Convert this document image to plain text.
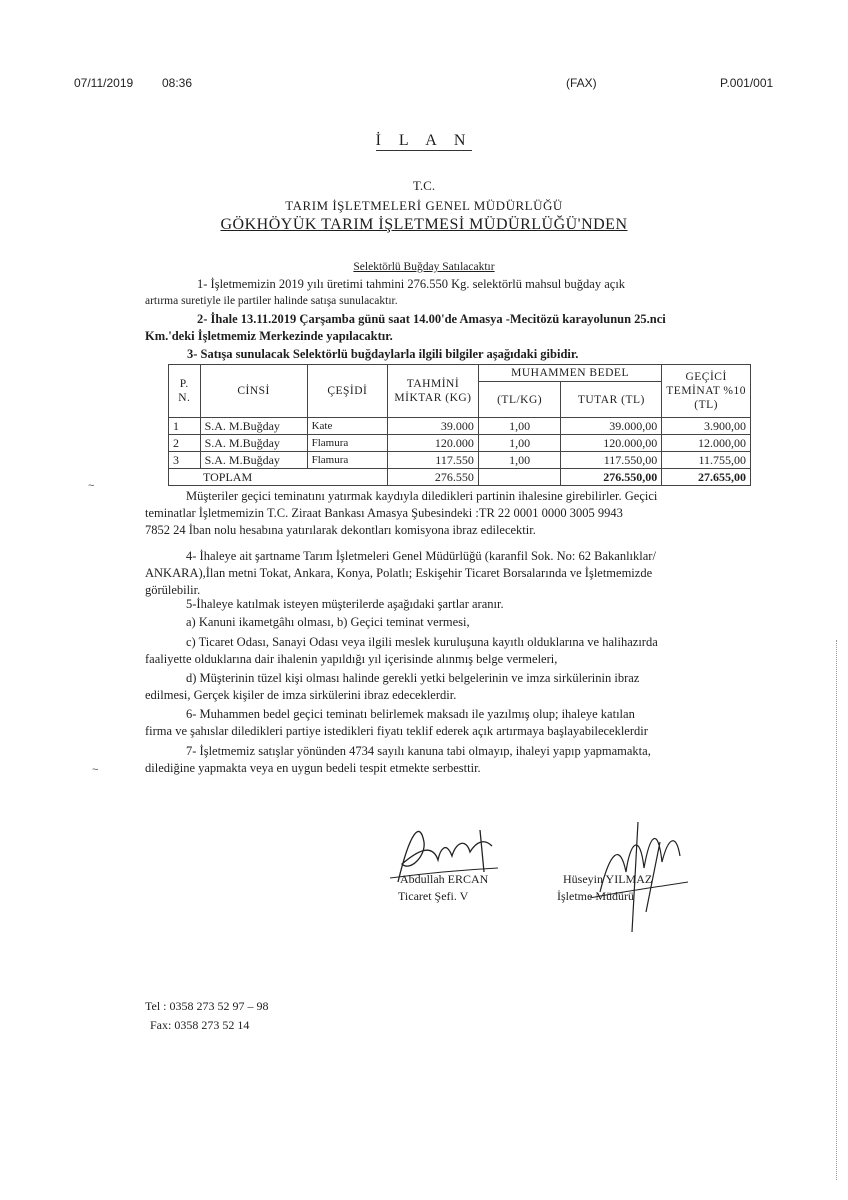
07/11/2019 08:36	(FAX)	P.001/001
~
~
İ L A N
T.C.
TARIM İŞLETMELERİ GENEL MÜDÜRLÜĞÜ
GÖKHÖYÜK TARIM İŞLETMESİ MÜDÜRLÜĞÜ'NDEN
Selektörlü Buğday Satılacaktır
1- İşletmemizin 2019 yılı üretimi tahmini 276.550 Kg. selektörlü mahsul buğday açık
artırma suretiyle ile partiler halinde satışa sunulacaktır.
2- İhale 13.11.2019 Çarşamba günü saat 14.00'de Amasya -Mecitözü karayolunun 25.nci
Km.'deki İşletmemiz Merkezinde yapılacaktır.
3- Satışa sunulacak Selektörlü buğdaylarla ilgili bilgiler aşağıdaki gibidir.
P. N.	CİNSİ	ÇEŞİDİ	TAHMİNİ MİKTAR (KG)	MUHAMMEN BEDEL		GEÇİCİ TEMİNAT %10 (TL)
				(TL/KG)	TUTAR (TL)	
1	S.A. M.Buğday	Kate	39.000	1,00	39.000,00	3.900,00
2	S.A. M.Buğday	Flamura	120.000	1,00	120.000,00	12.000,00
3	S.A. M.Buğday	Flamura	117.550	1,00	117.550,00	11.755,00
TOPLAM			276.550		276.550,00	27.655,00
Müşteriler geçici teminatını yatırmak kaydıyla diledikleri partinin ihalesine girebilirler. Geçici
teminatlar İşletmemizin T.C. Ziraat Bankası Amasya Şubesindeki :TR 22 0001 0000 3005 9943
7852 24 İban nolu hesabına yatırılarak dekontları komisyona ibraz edilecektir.
4- İhaleye ait şartname Tarım İşletmeleri Genel Müdürlüğü (karanfil Sok. No: 62 Bakanlıklar/
ANKARA),İlan metni Tokat, Ankara, Konya, Polatlı; Eskişehir Ticaret Borsalarında ve İşletmemizde
görülebilir.
5-İhaleye katılmak isteyen müşterilerde aşağıdaki şartlar aranır.
a) Kanuni ikametgâhı olması, b) Geçici teminat vermesi,
c) Ticaret Odası, Sanayi Odası veya ilgili meslek kuruluşuna kayıtlı olduklarına ve halihazırda
faaliyette olduklarına dair ihalenin yapıldığı yıl içerisinde alınmış belge vermeleri,
d) Müşterinin tüzel kişi olması halinde gerekli yetki belgelerinin ve imza sirkülerinin ibraz
edilmesi, Gerçek kişiler de imza sirkülerini ibraz edeceklerdir.
6- Muhammen bedel geçici teminatı belirlemek maksadı ile yazılmış olup; ihaleye katılan
firma ve şahıslar diledikleri partiye istedikleri fiyatı teklif ederek açık artırmaya başlayabileceklerdir
7- İşletmemiz satışlar yönünden 4734 sayılı kanuna tabi olmayıp, ihaleyi yapıp yapmamakta,
dilediğine yapmakta veya en uygun bedeli tespit etmekte serbesttir.
Abdullah ERCAN
Ticaret Şefi. V
Hüseyin YILMAZ
İşletme Müdürü
Tel : 0358 273 52 97 – 98
Fax: 0358 273 52 14
